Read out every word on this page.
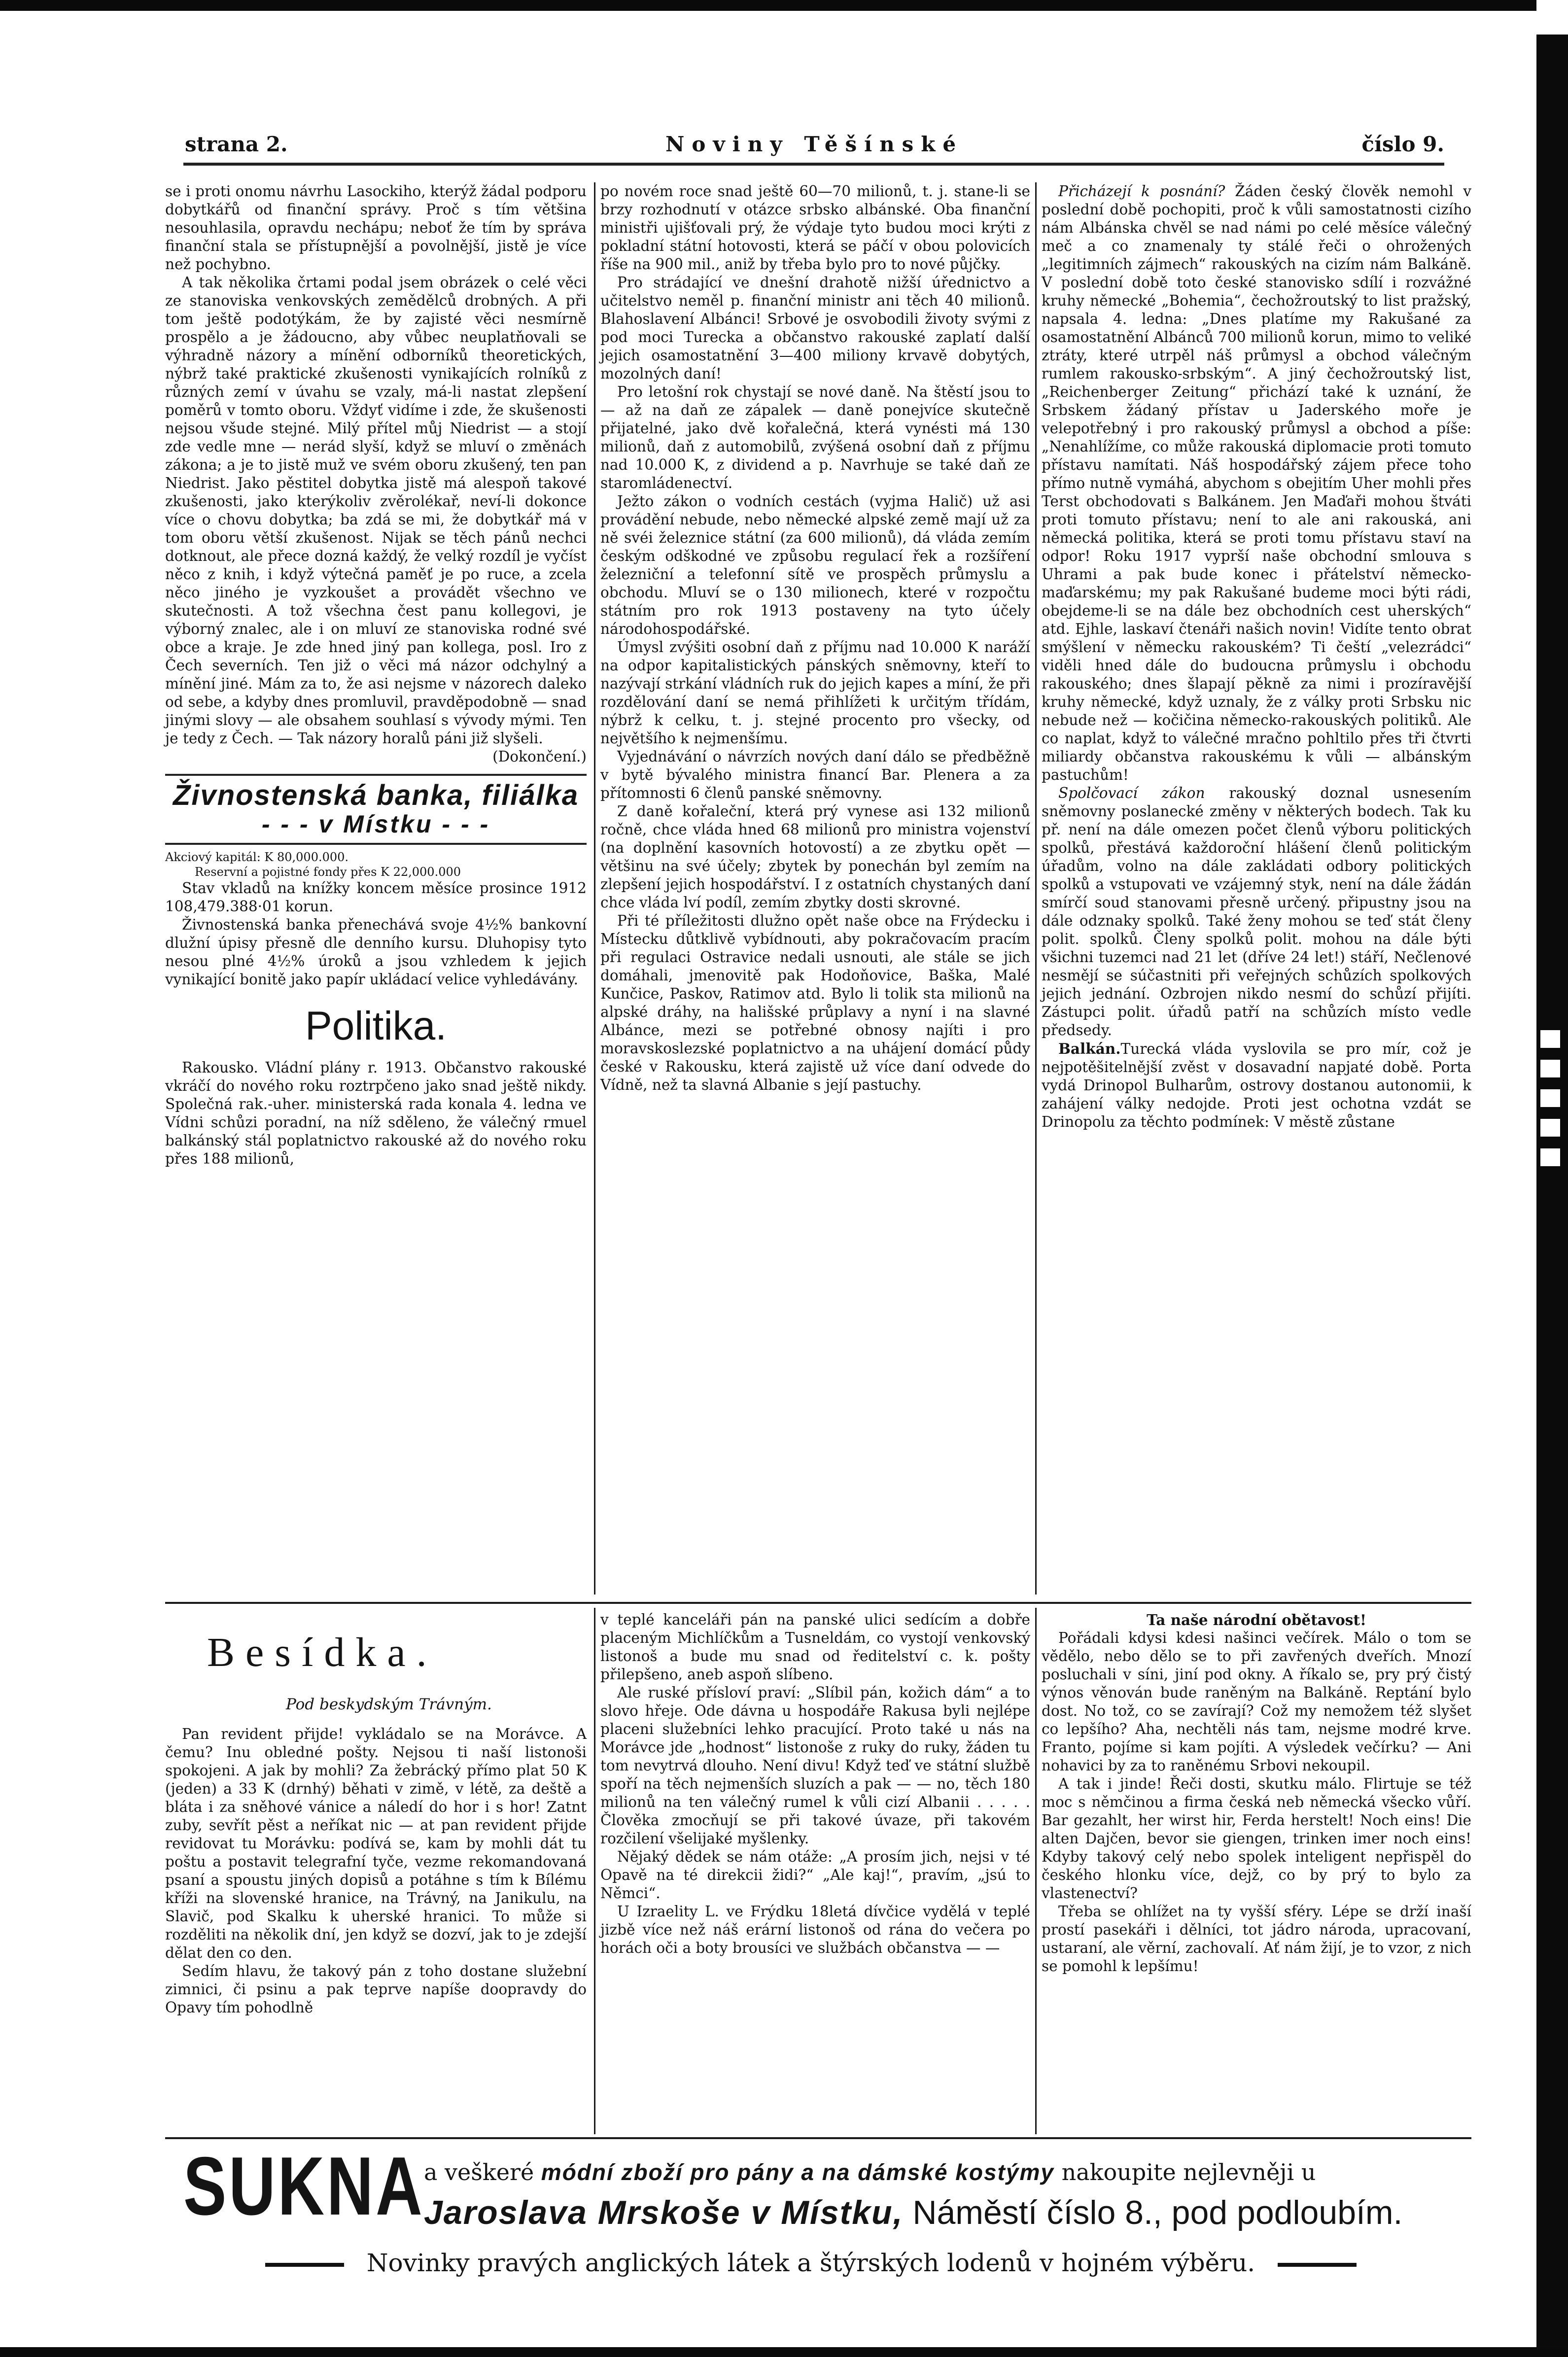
strana 2.	Noviny Těšínské	číslo 9.

se i proti onomu návrhu Lasockiho, kterýž žádal podporu dobytkářů od finanční správy. Proč s tím většina nesouhlasila, opravdu nechápu; neboť že tím by správa finanční stala se přístupnější a povolnější, jistě je více než pochybno.

A tak několika črtami podal jsem obrázek o celé věci ze stanoviska venkovských zemědělců drobných. A při tom ještě podotýkám, že by zajisté věci nesmírně prospělo a je žádoucno, aby vůbec neuplatňovali se výhradně názory a mínění odborníků theoretických, nýbrž také praktické zkušenosti vynikajících rolníků z různých zemí v úvahu se vzaly, má-li nastat zlepšení poměrů v tomto oboru. Vždyť vidíme i zde, že skušenosti nejsou všude stejné. Milý přítel můj Niedrist — a stojí zde vedle mne — nerád slyší, když se mluví o změnách zákona; a je to jistě muž ve svém oboru zkušený, ten pan Niedrist. Jako pěstitel dobytka jistě má alespoň takové zkušenosti, jako kterýkoliv zvěrolékař, neví-li dokonce více o chovu dobytka; ba zdá se mi, že dobytkář má v tom oboru větší zkušenost. Nijak se těch pánů nechci dotknout, ale přece dozná každý, že velký rozdíl je vyčíst něco z knih, i když výtečná paměť je po ruce, a zcela něco jiného je vyzkoušet a provádět všechno ve skutečnosti. A tož všechna čest panu kollegovi, je výborný znalec, ale i on mluví ze stanoviska rodné své obce a kraje. Je zde hned jiný pan kollega, posl. Iro z Čech severních. Ten již o věci má názor odchylný a mínění jiné. Mám za to, že asi nejsme v názorech daleko od sebe, a kdyby dnes promluvil, pravděpodobně — snad jinými slovy — ale obsahem souhlasí s vývody mými. Ten je tedy z Čech. — Tak názory horalů páni již slyšeli.

(Dokončení.)

Živnostenská banka, filiálka
- - - v Místku - - -

Akciový kapitál: K 80,000.000.

Reservní a pojistné fondy přes K 22,000.000

Stav vkladů na knížky koncem měsíce prosince 1912 108,479.388·01 korun.

Živnostenská banka přenechává svoje 4½% bankovní dlužní úpisy přesně dle denního kursu. Dluhopisy tyto nesou plné 4½% úroků a jsou vzhledem k jejich vynikající bonitě jako papír ukládací velice vyhledávány.

Politika.

Rakousko. Vládní plány r. 1913. Občanstvo rakouské vkráčí do nového roku roztrpčeno jako snad ještě nikdy. Společná rak.-uher. ministerská rada konala 4. ledna ve Vídni schůzi poradní, na níž sděleno, že válečný rmuel balkánský stál poplatnictvo rakouské až do nového roku přes 188 milionů,

po novém roce snad ještě 60—70 milionů, t. j. stane-li se brzy rozhodnutí v otázce srbsko albánské. Oba finanční ministři ujišťovali prý, že výdaje tyto budou moci krýti z pokladní státní hotovosti, která se páčí v obou polovicích říše na 900 mil., aniž by třeba bylo pro to nové půjčky.

Pro strádající ve dnešní drahotě nižší úřednictvo a učitelstvo neměl p. finanční ministr ani těch 40 milionů. Blahoslavení Albánci! Srbové je osvobodili životy svými z pod moci Turecka a občanstvo rakouské zaplatí další jejich osamostatnění 3—400 miliony krvavě dobytých, mozolných daní!

Pro letošní rok chystají se nové daně. Na štěstí jsou to — až na daň ze zápalek — daně ponejvíce skutečně přijatelné, jako dvě kořalečná, která vynésti má 130 milionů, daň z automobilů, zvýšená osobní daň z příjmu nad 10.000 K, z dividend a p. Navrhuje se také daň ze staromládenectví.

Ježto zákon o vodních cestách (vyjma Halič) už asi provádění nebude, nebo německé alpské země mají už za ně svéi železnice státní (za 600 milionů), dá vláda zemím českým odškodné ve způsobu regulací řek a rozšíření železniční a telefonní sítě ve prospěch průmyslu a obchodu. Mluví se o 130 milionech, které v rozpočtu státním pro rok 1913 postaveny na tyto účely národohospodářské.

Úmysl zvýšiti osobní daň z příjmu nad 10.000 K naráží na odpor kapitalistických pánských sněmovny, kteří to nazývají strkání vládních ruk do jejich kapes a míní, že při rozdělování daní se nemá přihlížeti k určitým třídám, nýbrž k celku, t. j. stejné procento pro všecky, od největšího k nejmenšímu.

Vyjednávání o návrzích nových daní dálo se předběžně v bytě bývalého ministra financí Bar. Plenera a za přítomnosti 6 členů panské sněmovny.

Z daně kořaleční, která prý vynese asi 132 milionů ročně, chce vláda hned 68 milionů pro ministra vojenství (na doplnění kasovních hotovostí) a ze zbytku opět — většinu na své účely; zbytek by ponechán byl zemím na zlepšení jejich hospodářství. I z ostatních chystaných daní chce vláda lví podíl, zemím zbytky dosti skrovné.

Při té příležitosti dlužno opět naše obce na Frýdecku i Místecku důtklivě vybídnouti, aby pokračovacím pracím při regulaci Ostravice nedali usnouti, ale stále se jich domáhali, jmenovitě pak Hodoňovice, Baška, Malé Kunčice, Paskov, Ratimov atd. Bylo li tolik sta milionů na alpské dráhy, na hališské průplavy a nyní i na slavné Albánce, mezi se potřebné obnosy najíti i pro moravskoslezské poplatnictvo a na uhájení domácí půdy české v Rakousku, která zajistě už více daní odvede do Vídně, než ta slavná Albanie s její pastuchy.

Přicházejí k posnání? Žáden český člověk nemohl v poslední době pochopiti, proč k vůli samostatnosti cizího nám Albánska chvěl se nad námi po celé měsíce válečný meč a co znamenaly ty stálé řeči o ohrožených „legitimních zájmech“ rakouských na cizím nám Balkáně. V poslední době toto české stanovisko sdílí i rozvážné kruhy německé „Bohemia“, čechožroutský to list pražský, napsala 4. ledna: „Dnes platíme my Rakušané za osamostatnění Albánců 700 milionů korun, mimo to veliké ztráty, které utrpěl náš průmysl a obchod válečným rumlem rakousko-srbským“. A jiný čechožroutský list, „Reichenberger Zeitung“ přichází také k uznání, že Srbskem žádaný přístav u Jaderského moře je velepotřebný i pro rakouský průmysl a obchod a píše: „Nenahlížíme, co může rakouská diplomacie proti tomuto přístavu namítati. Náš hospodářský zájem přece toho přímo nutně vymáhá, abychom s obejitím Uher mohli přes Terst obchodovati s Balkánem. Jen Maďaři mohou štváti proti tomuto přístavu; není to ale ani rakouská, ani německá politika, která se proti tomu přístavu staví na odpor! Roku 1917 vyprší naše obchodní smlouva s Uhrami a pak bude konec i přátelství německo-maďarskému; my pak Rakušané budeme moci býti rádi, obejdeme-li se na dále bez obchodních cest uherských“ atd. Ejhle, laskaví čtenáři našich novin! Vidíte tento obrat smýšlení v německu rakouském? Ti čeští „velezrádci“ viděli hned dále do budoucna průmyslu i obchodu rakouského; dnes šlapají pěkně za nimi i prozíravější kruhy německé, když uznaly, že z války proti Srbsku nic nebude než — kočičina německo-rakouských politiků. Ale co naplat, když to válečné mračno pohltilo přes tři čtvrti miliardy občanstva rakouskému k vůli — albánským pastuchům!

Spolčovací zákon rakouský doznal usnesením sněmovny poslanecké změny v některých bodech. Tak ku př. není na dále omezen počet členů výboru politických spolků, přestává každoroční hlášení členů politickým úřadům, volno na dále zakládati odbory politických spolků a vstupovati ve vzájemný styk, není na dále žádán smírčí soud stanovami přesně určený. připustny jsou na dále odznaky spolků. Také ženy mohou se teď stát členy polit. spolků. Členy spolků polit. mohou na dále býti všichni tuzemci nad 21 let (dříve 24 let!) stáří, Nečlenové nesmějí se súčastniti při veřejných schůzích spolkových jejich jednání. Ozbrojen nikdo nesmí do schůzí přijíti. Zástupci polit. úřadů patří na schůzích místo vedle předsedy.

Balkán.Turecká vláda vyslovila se pro mír, což je nejpotěšitelnější zvěst v dosavadní napjaté době. Porta vydá Drinopol Bulharům, ostrovy dostanou autonomii, k zahájení války nedojde. Proti jest ochotna vzdát se Drinopolu za těchto podmínek: V městě zůstane

Besídka.
Pod beskydským Trávným.

Pan revident přijde! vykládalo se na Morávce. A čemu? Inu obledné pošty. Nejsou ti naší listonoši spokojeni. A jak by mohli? Za žebrácký přímo plat 50 K (jeden) a 33 K (drnhý) běhati v zimě, v létě, za deště a bláta i za sněhové vánice a náledí do hor i s hor! Zatnt zuby, sevřít pěst a neříkat nic — at pan revident přijde revidovat tu Morávku: podívá se, kam by mohli dát tu poštu a postavit telegrafní tyče, vezme rekomandovaná psaní a spoustu jiných dopisů a potáhne s tím k Bílému kříži na slovenské hranice, na Trávný, na Janikulu, na Slavič, pod Skalku k uherské hranici. To může si rozděliti na několik dní, jen když se dozví, jak to je zdejší dělat den co den.

Sedím hlavu, že takový pán z toho dostane služební zimnici, či psinu a pak teprve napíše doopravdy do Opavy tím pohodlně

v teplé kanceláři pán na panské ulici sedícím a dobře placeným Michlíčkům a Tusneldám, co vystojí venkovský listonoš a bude mu snad od ředitelství c. k. pošty přilepšeno, aneb aspoň slíbeno.

Ale ruské přísloví praví: „Slíbil pán, kožich dám“ a to slovo hřeje. Ode dávna u hospodáře Rakusa byli nejlépe placeni služebníci lehko pracující. Proto také u nás na Morávce jde „hodnost“ listonoše z ruky do ruky, žáden tu tom nevytrvá dlouho. Není divu! Když teď ve státní službě spoří na těch nejmenších sluzích a pak — — no, těch 180 milionů na ten válečný rumel k vůli cizí Albanii . . . . . Člověka zmocňují se při takové úvaze, při takovém rozčilení všelijaké myšlenky.

Nějaký dědek se nám otáže: „A prosím jich, nejsi v té Opavě na té direkcii židi?“ „Ale kaj!“, pravím, „jsú to Němci“.

U Izraelity L. ve Frýdku 18letá dívčice vydělá v teplé jizbě více než náš erární listonoš od rána do večera po horách oči a boty brousíci ve službách občanstva — —

Ta naše národní obětavost!

Pořádali kdysi kdesi našinci večírek. Málo o tom se vědělo, nebo dělo se to při zavřených dveřích. Mnozí posluchali v síni, jiní pod okny. A říkalo se, pry prý čistý výnos věnován bude raněným na Balkáně. Reptání bylo dost. No tož, co se zavírají? Což my nemožem též slyšet co lepšího? Aha, nechtěli nás tam, nejsme modré krve. Franto, pojíme si kam pojíti. A výsledek večírku? — Ani nohavici by za to raněnému Srbovi nekoupil.

A tak i jinde! Řeči dosti, skutku málo. Flirtuje se též moc s němčinou a firma česká neb německá všecko vůří. Bar gezahlt, her wirst hir, Ferda herstelt! Noch eins! Die alten Dajčen, bevor sie giengen, trinken imer noch eins! Kdyby takový celý nebo spolek inteligent nepřispěl do českého hlonku více, dejž, co by prý to bylo za vlastenectví?

Třeba se ohlížet na ty vyšší sféry. Lépe se drží inaší prostí pasekáři i dělníci, tot jádro národa, upracovaní, ustaraní, ale věrní, zachovalí. Ať nám žijí, je to vzor, z nich se pomohl k lepšímu!

SUKNA
a veškeré módní zboží pro pány a na dámské kostýmy nakoupite nejlevněji u
Jaroslava Mrskoše v Místku, Náměstí číslo 8., pod podloubím.
Novinky pravých anglických látek a štýrských lodenů v hojném výběru.
